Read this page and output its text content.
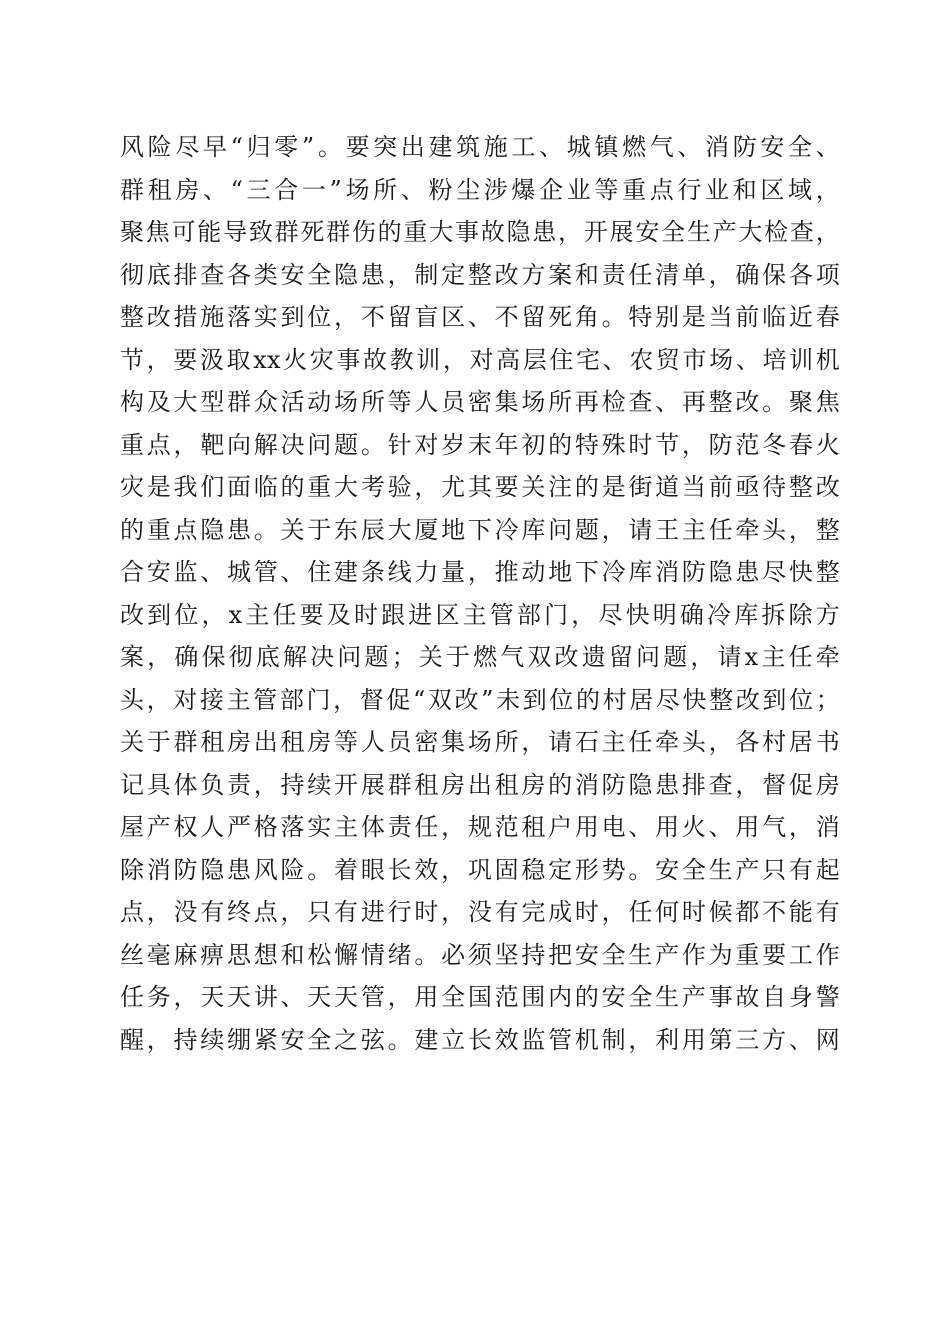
风险尽早“归零”。要突出建筑施工、城镇燃气、消防安全、
群租房、“三合一”场所、粉尘涉爆企业等重点行业和区域，
聚焦可能导致群死群伤的重大事故隐患，开展安全生产大检查，
彻底排查各类安全隐患，制定整改方案和责任清单，确保各项
整改措施落实到位，不留盲区、不留死角。特别是当前临近春
节，要汲取xx火灾事故教训，对高层住宅、农贸市场、培训机
构及大型群众活动场所等人员密集场所再检查、再整改。聚焦
重点，靶向解决问题。针对岁末年初的特殊时节，防范冬春火
灾是我们面临的重大考验，尤其要关注的是街道当前亟待整改
的重点隐患。关于东辰大厦地下冷库问题，请王主任牵头，整
合安监、城管、住建条线力量，推动地下冷库消防隐患尽快整
改到位，x主任要及时跟进区主管部门，尽快明确冷库拆除方
案，确保彻底解决问题；关于燃气双改遗留问题，请x主任牵
头，对接主管部门，督促“双改”未到位的村居尽快整改到位；
关于群租房出租房等人员密集场所，请石主任牵头，各村居书
记具体负责，持续开展群租房出租房的消防隐患排查，督促房
屋产权人严格落实主体责任，规范租户用电、用火、用气，消
除消防隐患风险。着眼长效，巩固稳定形势。安全生产只有起
点，没有终点，只有进行时，没有完成时，任何时候都不能有
丝毫麻痹思想和松懈情绪。必须坚持把安全生产作为重要工作
任务，天天讲、天天管，用全国范围内的安全生产事故自身警
醒，持续绷紧安全之弦。建立长效监管机制，利用第三方、网
